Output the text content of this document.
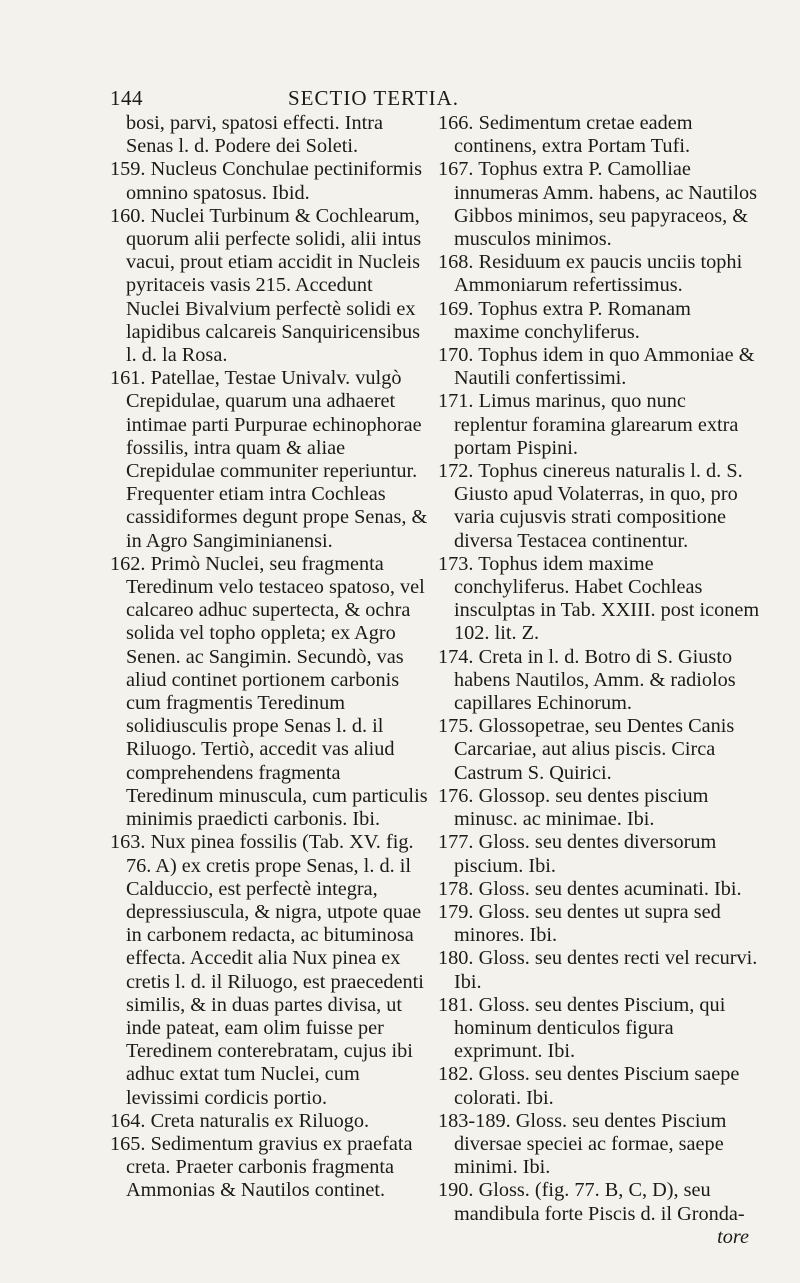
144	SECTIO TERTIA.

bosi, parvi, spatosi effecti. Intra Senas l. d. Podere dei Soleti.

159. Nucleus Conchulae pectiniformis omnino spatosus. Ibid.

160. Nuclei Turbinum & Cochlearum, quorum alii perfecte solidi, alii intus vacui, prout etiam accidit in Nucleis pyritaceis vasis 215. Accedunt Nuclei Bivalvium perfectè solidi ex lapidibus calcareis Sanquiricensibus l. d. la Rosa.

161. Patellae, Testae Univalv. vulgò Crepidulae, quarum una adhaeret intimae parti Purpurae echinophorae fossilis, intra quam & aliae Crepidulae communiter reperiuntur. Frequenter etiam intra Cochleas cassidiformes degunt prope Senas, & in Agro Sangiminianensi.

162. Primò Nuclei, seu fragmenta Teredinum velo testaceo spatoso, vel calcareo adhuc supertecta, & ochra solida vel topho oppleta; ex Agro Senen. ac Sangimin. Secundò, vas aliud continet portionem carbonis cum fragmentis Teredinum solidiusculis prope Senas l. d. il Riluogo. Tertiò, accedit vas aliud comprehendens fragmenta Teredinum minuscula, cum particulis minimis praedicti carbonis. Ibi.

163. Nux pinea fossilis (Tab. XV. fig. 76. A) ex cretis prope Senas, l. d. il Calduccio, est perfectè integra, depressiuscula, & nigra, utpote quae in carbonem redacta, ac bituminosa effecta. Accedit alia Nux pinea ex cretis l. d. il Riluogo, est praecedenti similis, & in duas partes divisa, ut inde pateat, eam olim fuisse per Teredinem conterebratam, cujus ibi adhuc extat tum Nuclei, cum levissimi cordicis portio.

164. Creta naturalis ex Riluogo.

165. Sedimentum gravius ex praefata creta. Praeter carbonis fragmenta Ammonias & Nautilos continet.

166. Sedimentum cretae eadem continens, extra Portam Tufi.

167. Tophus extra P. Camolliae innumeras Amm. habens, ac Nautilos Gibbos minimos, seu papyraceos, & musculos minimos.

168. Residuum ex paucis unciis tophi Ammoniarum refertissimus.

169. Tophus extra P. Romanam maxime conchyliferus.

170. Tophus idem in quo Ammoniae & Nautili confertissimi.

171. Limus marinus, quo nunc replentur foramina glarearum extra portam Pispini.

172. Tophus cinereus naturalis l. d. S. Giusto apud Volaterras, in quo, pro varia cujusvis strati compositione diversa Testacea continentur.

173. Tophus idem maxime conchyliferus. Habet Cochleas insculptas in Tab. XXIII. post iconem 102. lit. Z.

174. Creta in l. d. Botro di S. Giusto habens Nautilos, Amm. & radiolos capillares Echinorum.

175. Glossopetrae, seu Dentes Canis Carcariae, aut alius piscis. Circa Castrum S. Quirici.

176. Glossop. seu dentes piscium minusc. ac minimae. Ibi.

177. Gloss. seu dentes diversorum piscium. Ibi.

178. Gloss. seu dentes acuminati. Ibi.

179. Gloss. seu dentes ut supra sed minores. Ibi.

180. Gloss. seu dentes recti vel recurvi. Ibi.

181. Gloss. seu dentes Piscium, qui hominum denticulos figura exprimunt. Ibi.

182. Gloss. seu dentes Piscium saepe colorati. Ibi.

183-189. Gloss. seu dentes Piscium diversae speciei ac formae, saepe minimi. Ibi.

190. Gloss. (fig. 77. B, C, D), seu mandibula forte Piscis d. il Gronda-

tore
